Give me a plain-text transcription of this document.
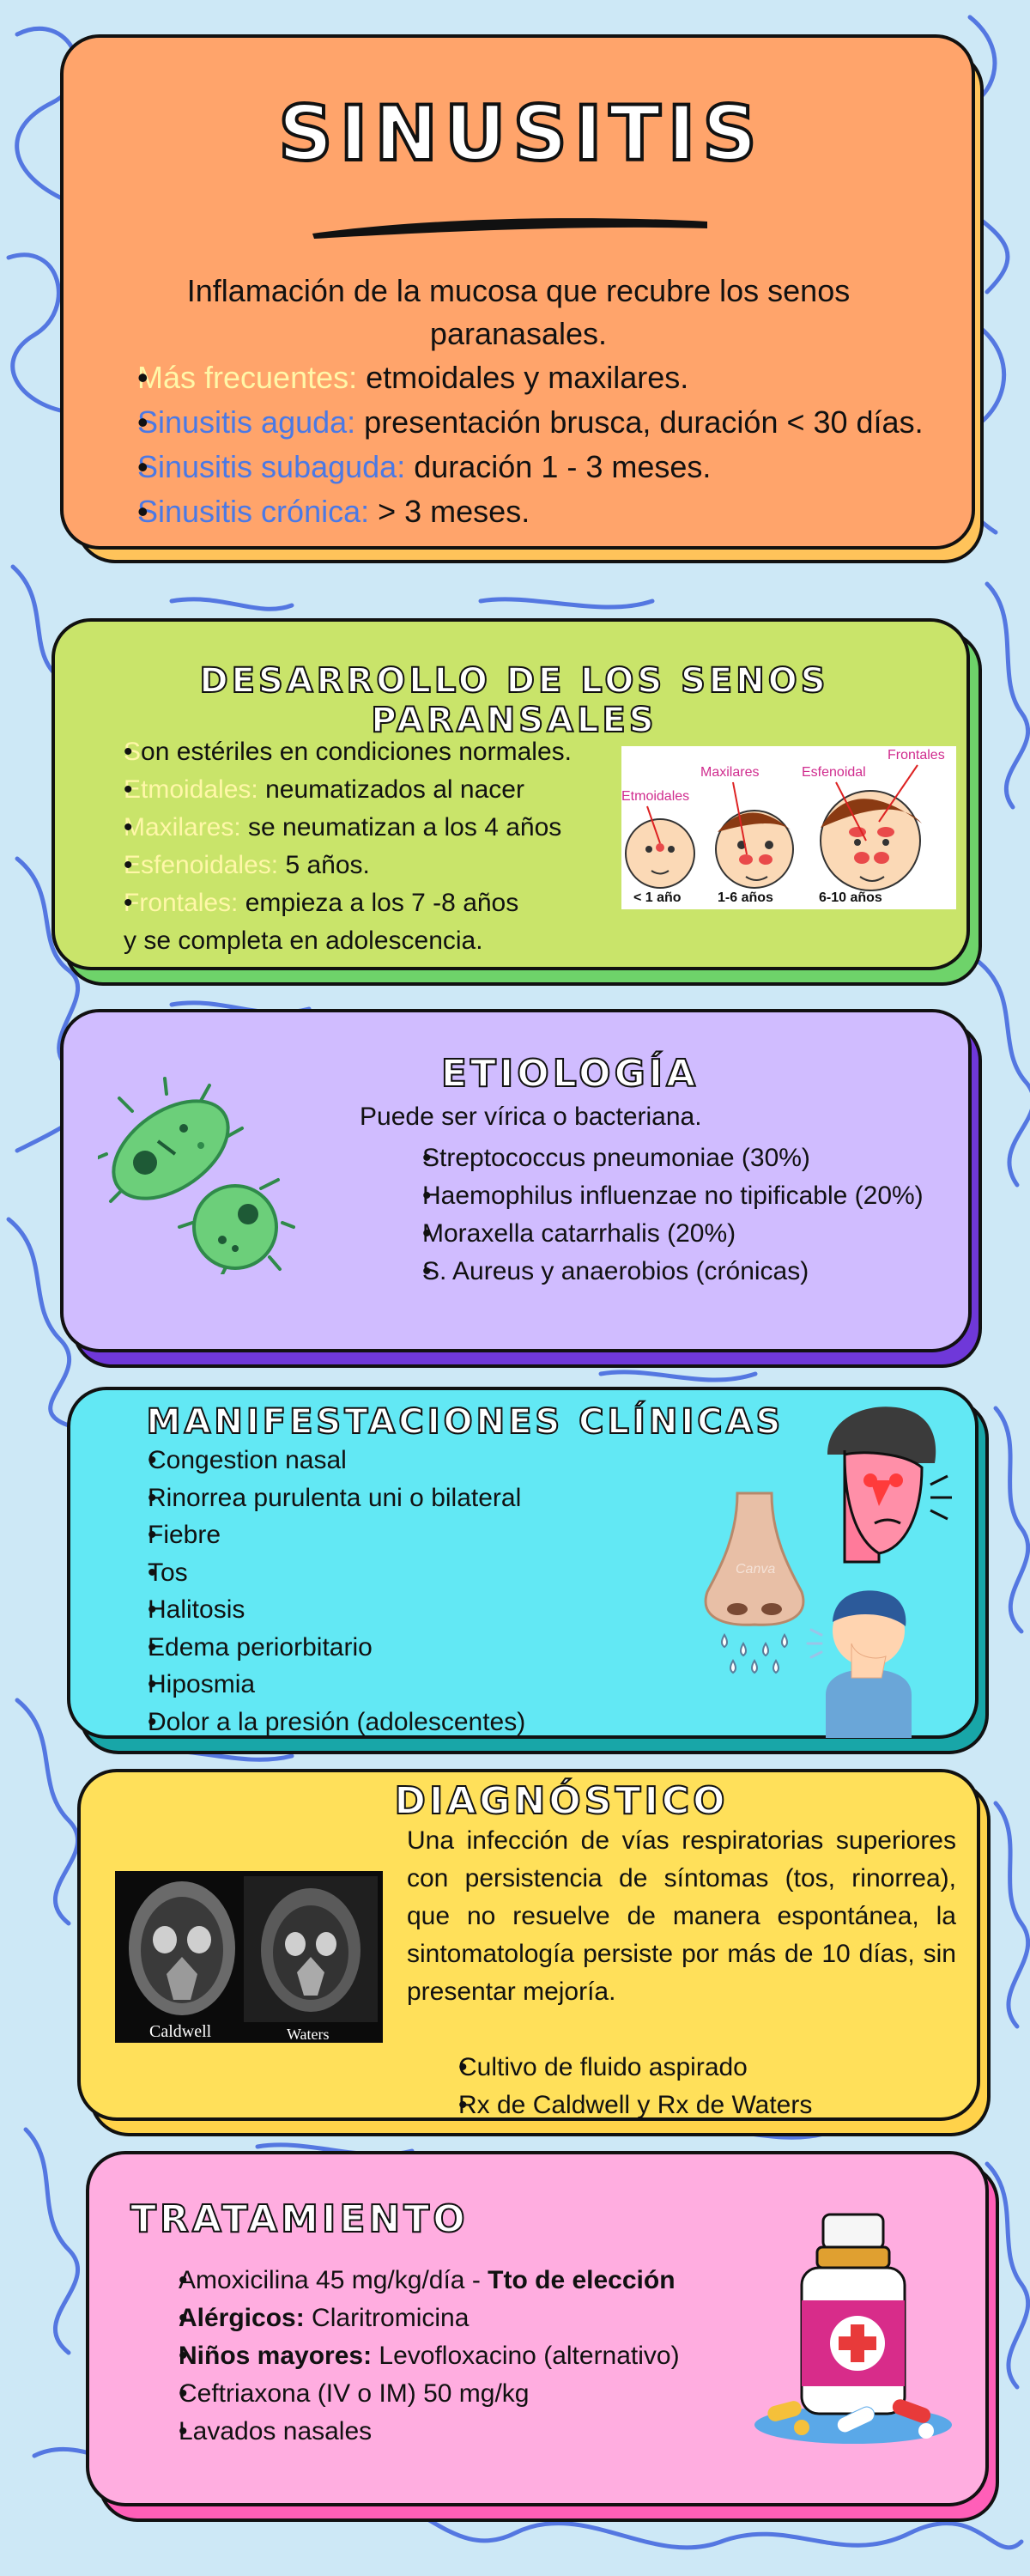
SINUSITIS
Inflamación de la mucosa que recubre los senos paranasales.
• Más frecuentes: etmoidales y maxilares.
• Sinusitis aguda: presentación brusca, duración < 30 días.
• Sinusitis subaguda: duración 1 - 3 meses.
• Sinusitis crónica: > 3 meses.
DESARROLLO DE LOS SENOS PARANSALES
• Son estériles en condiciones normales.
• Etmoidales: neumatizados al nacer
• Maxilares: se neumatizan a los 4 años
• Esfenoidales: 5 años.
• Frontales: empieza a los 7 -8 años
y se completa en adolescencia.
Etmoidales
Maxilares	Esfenoidal
Frontales
< 1 año	1-6 años	6-10 años
ETIOLOGÍA
Puede ser vírica o bacteriana.
• Streptococcus pneumoniae (30%)
• Haemophilus influenzae no tipificable (20%)
• Moraxella catarrhalis (20%)
• S. Aureus y anaerobios (crónicas)
MANIFESTACIONES CLÍNICAS
• Congestion nasal
• Rinorrea purulenta uni o bilateral
• Fiebre
• Tos
• Halitosis
• Edema periorbitario
• Hiposmia
• Dolor a la presión (adolescentes)
Canva
DIAGNÓSTICO
Caldwell	Waters
Una infección de vías respiratorias superiores con persistencia de síntomas (tos, rinorrea), que no resuelve de manera espontánea, la sintomatología persiste por más de 10 días, sin presentar mejoría.
• Cultivo de fluido aspirado
• Rx de Caldwell y Rx de Waters
TRATAMIENTO
• Amoxicilina 45 mg/kg/día - Tto de elección
• Alérgicos: Claritromicina
• Niños mayores: Levofloxacino (alternativo)
• Ceftriaxona (IV o IM) 50 mg/kg
• Lavados nasales
